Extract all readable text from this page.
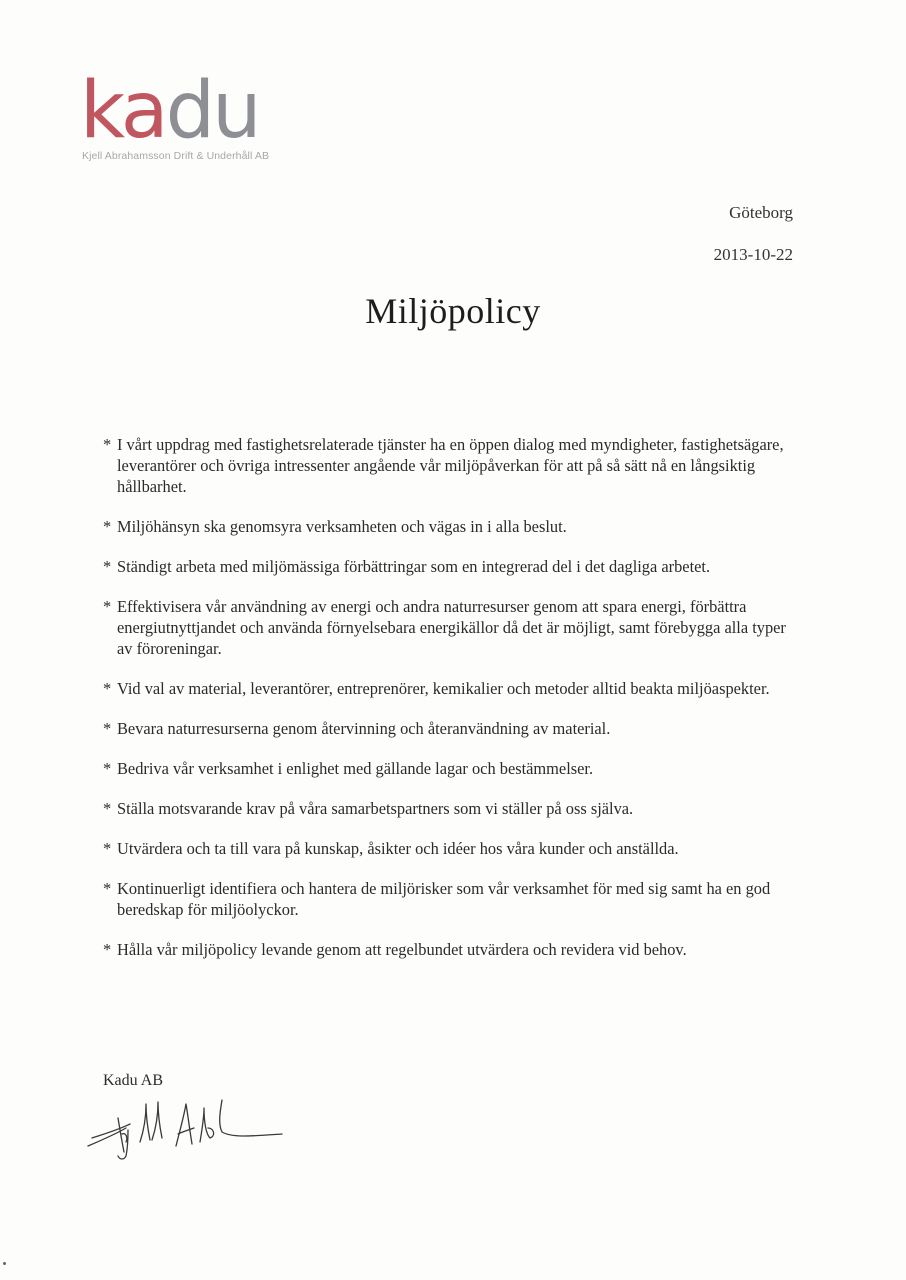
kadu
Kjell Abrahamsson Drift & Underhåll AB
Göteborg
2013-10-22
Miljöpolicy
* I vårt uppdrag med fastighetsrelaterade tjänster ha en öppen dialog med myndigheter, fastighetsägare, leverantörer och övriga intressenter angående vår miljöpåverkan för att på så sätt nå en långsiktig hållbarhet.
* Miljöhänsyn ska genomsyra verksamheten och vägas in i alla beslut.
* Ständigt arbeta med miljömässiga förbättringar som en integrerad del i det dagliga arbetet.
* Effektivisera vår användning av energi och andra naturresurser genom att spara energi, förbättra energiutnyttjandet och använda förnyelsebara energikällor då det är möjligt, samt förebygga alla typer av föroreningar.
* Vid val av material, leverantörer, entreprenörer, kemikalier och metoder alltid beakta miljöaspekter.
* Bevara naturresurserna genom återvinning och återanvändning av material.
* Bedriva vår verksamhet i enlighet med gällande lagar och bestämmelser.
* Ställa motsvarande krav på våra samarbetspartners som vi ställer på oss själva.
* Utvärdera och ta till vara på kunskap, åsikter och idéer hos våra kunder och anställda.
* Kontinuerligt identifiera och hantera de miljörisker som vår verksamhet för med sig samt ha en god beredskap för miljöolyckor.
* Hålla vår miljöpolicy levande genom att regelbundet utvärdera och revidera vid behov.
Kadu AB
